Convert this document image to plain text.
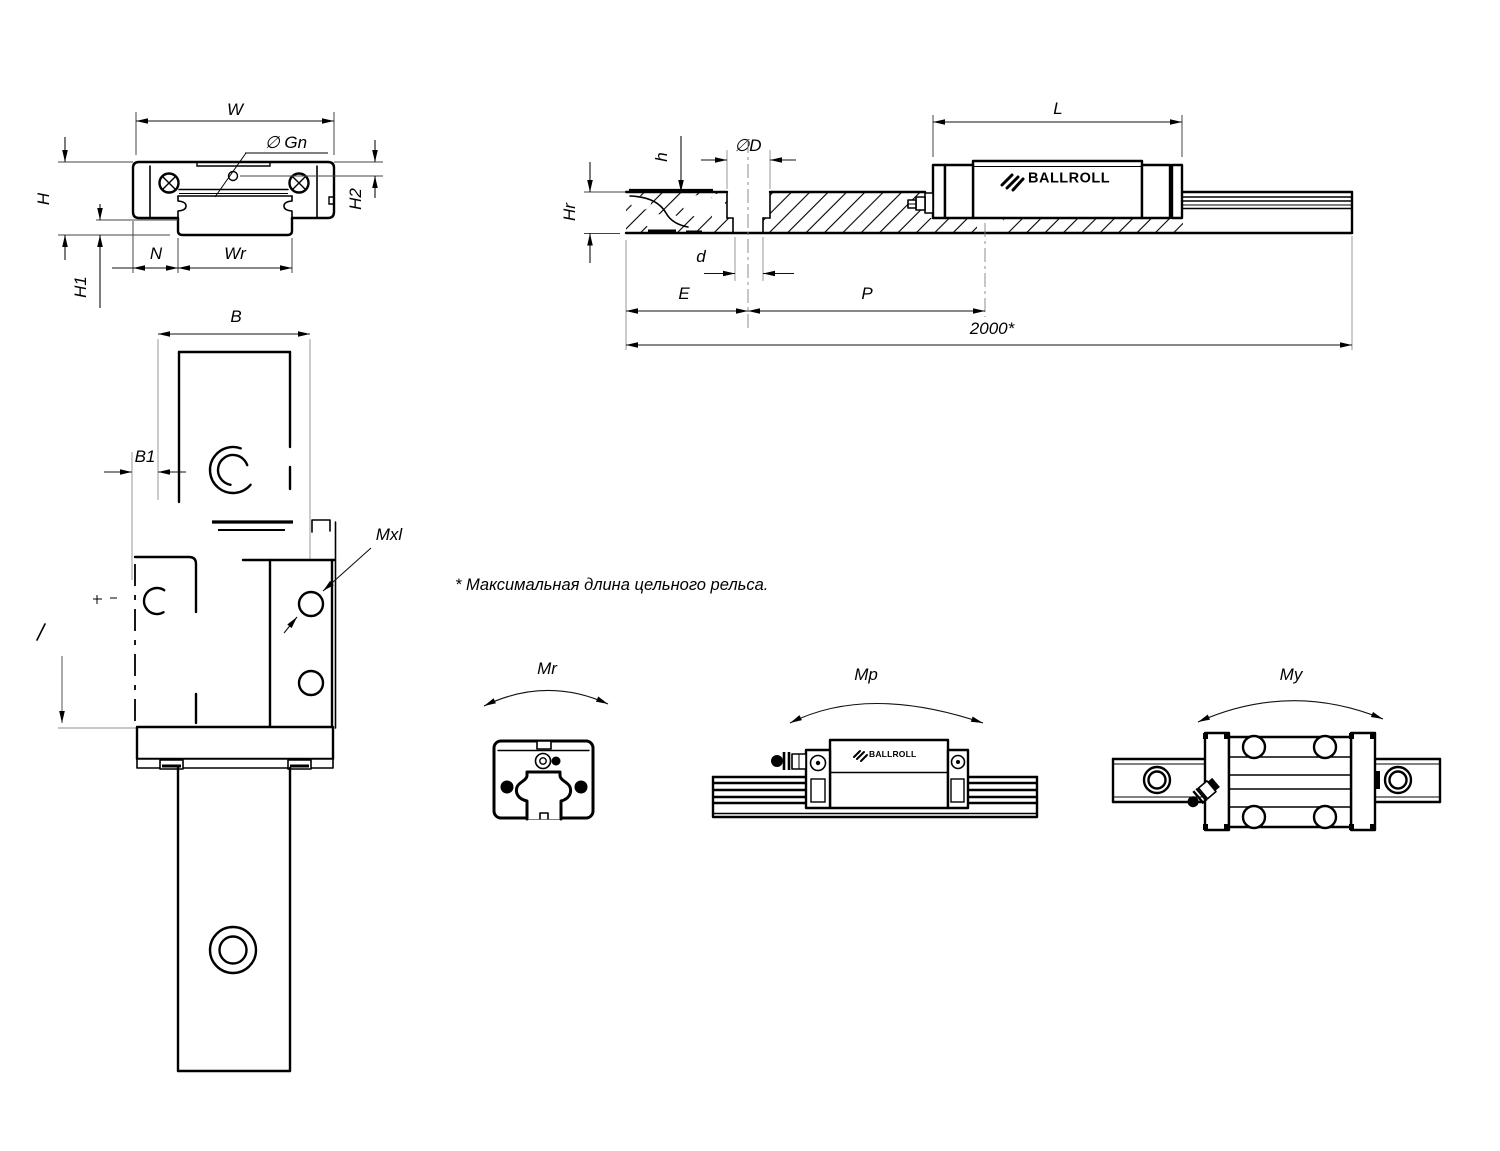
W
∅ Gn
H
H1
H2
N	Wr
BALLROLL
L
h
∅D
Hr
d
E	P
2000*
B
B1
Mxl
* Максимальная длина цельного рельса.
Mr	Mp
BALLROLL
My
